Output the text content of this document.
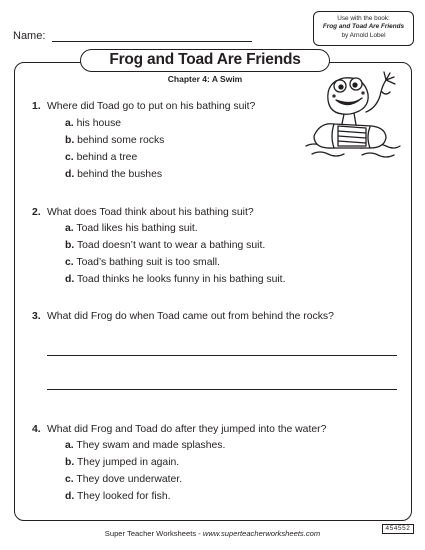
Name:
Use with the book:
Frog and Toad Are Friends
by Arnold Lobel
Frog and Toad Are Friends
Chapter 4: A Swim
1. Where did Toad go to put on his bathing suit?
a. his house
b. behind some rocks
c. behind a tree
d. behind the bushes
2. What does Toad think about his bathing suit?
a. Toad likes his bathing suit.
b. Toad doesn’t want to wear a bathing suit.
c. Toad’s bathing suit is too small.
d. Toad thinks he looks funny in his bathing suit.
3. What did Frog do when Toad came out from behind the rocks?
4. What did Frog and Toad do after they jumped into the water?
a. They swam and made splashes.
b. They jumped in again.
c. They dove underwater.
d. They looked for fish.
Super Teacher Worksheets - www.superteacherworksheets.com
454552
